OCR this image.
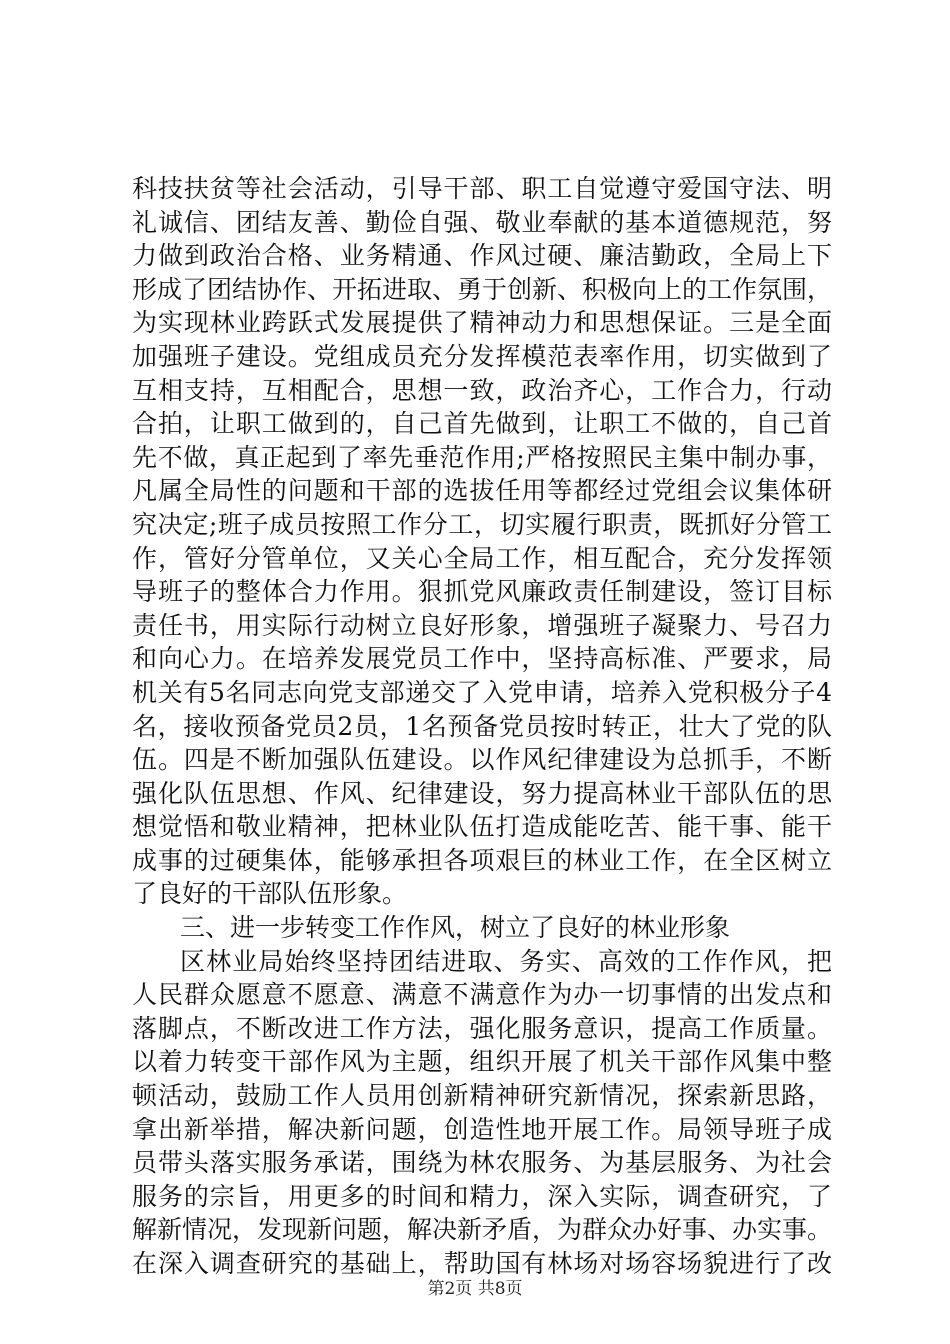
科技扶贫等社会活动，引导干部、职工自觉遵守爱国守法、明
礼诚信、团结友善、勤俭自强、敬业奉献的基本道德规范，努
力做到政治合格、业务精通、作风过硬、廉洁勤政，全局上下
形成了团结协作、开拓进取、勇于创新、积极向上的工作氛围，
为实现林业跨跃式发展提供了精神动力和思想保证。三是全面
加强班子建设。党组成员充分发挥模范表率作用，切实做到了
互相支持，互相配合，思想一致，政治齐心，工作合力，行动
合拍，让职工做到的，自己首先做到，让职工不做的，自己首
先不做，真正起到了率先垂范作用;严格按照民主集中制办事，
凡属全局性的问题和干部的选拔任用等都经过党组会议集体研
究决定;班子成员按照工作分工，切实履行职责，既抓好分管工
作，管好分管单位，又关心全局工作，相互配合，充分发挥领
导班子的整体合力作用。狠抓党风廉政责任制建设，签订目标
责任书，用实际行动树立良好形象，增强班子凝聚力、号召力
和向心力。在培养发展党员工作中，坚持高标准、严要求，局
机关有5名同志向党支部递交了入党申请，培养入党积极分子4
名，接收预备党员2员，1名预备党员按时转正，壮大了党的队
伍。四是不断加强队伍建设。以作风纪律建设为总抓手，不断
强化队伍思想、作风、纪律建设，努力提高林业干部队伍的思
想觉悟和敬业精神，把林业队伍打造成能吃苦、能干事、能干
成事的过硬集体，能够承担各项艰巨的林业工作，在全区树立
了良好的干部队伍形象。
三、进一步转变工作作风，树立了良好的林业形象
区林业局始终坚持团结进取、务实、高效的工作作风，把
人民群众愿意不愿意、满意不满意作为办一切事情的出发点和
落脚点，不断改进工作方法，强化服务意识，提高工作质量。
以着力转变干部作风为主题，组织开展了机关干部作风集中整
顿活动，鼓励工作人员用创新精神研究新情况，探索新思路，
拿出新举措，解决新问题，创造性地开展工作。局领导班子成
员带头落实服务承诺，围绕为林农服务、为基层服务、为社会
服务的宗旨，用更多的时间和精力，深入实际，调查研究，了
解新情况，发现新问题，解决新矛盾，为群众办好事、办实事。
在深入调查研究的基础上，帮助国有林场对场容场貌进行了改
第2页 共8页
